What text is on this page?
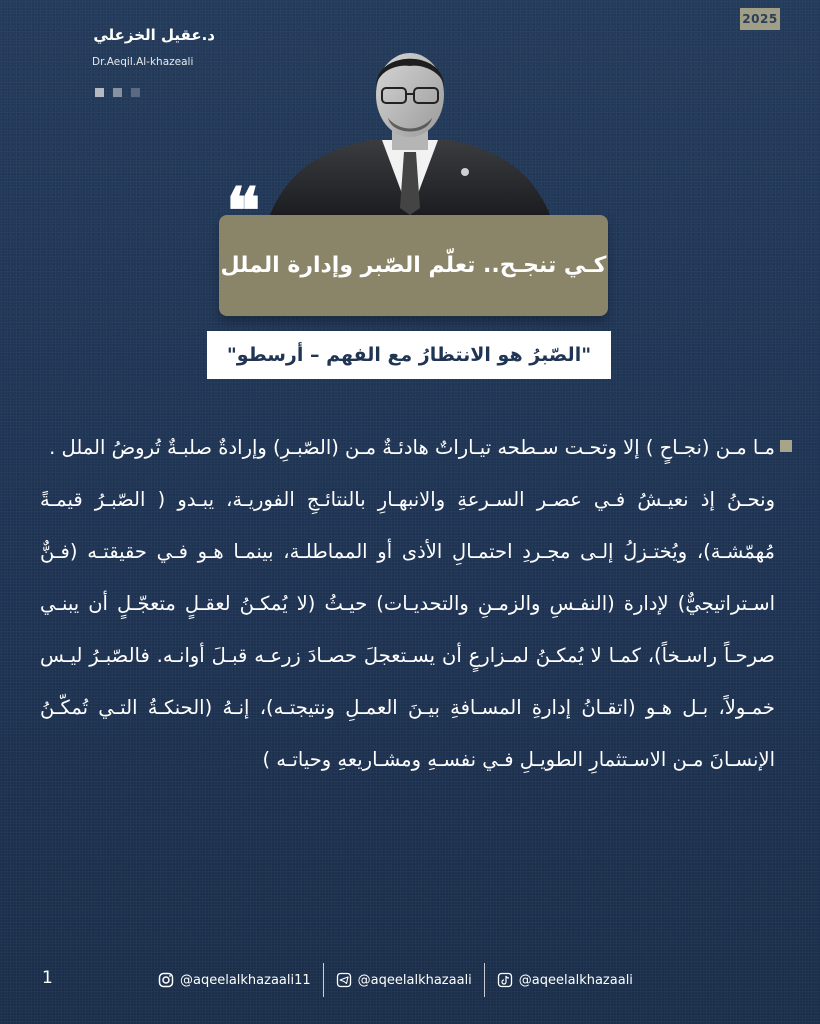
2025
د.عقيل الخزعلي
Dr.Aeqil.Al-khazeali
كـي تنجـح.. تعلّم الصّبر وإدارة الملل
❝
"الصّبرُ هو الانتظارُ مع الفهم – أرسطو"

مـا مـن (نجـاحٍ ) إلا وتحـت سـطحه تيـاراتٌ هادئـةٌ مـن (الصّبـرِ) وإرادةٌ صلبـةٌ تُروضُ الملل .

ونحـنُ إذ نعيـشُ فـي عصـر السـرعةِ والانبهـارِ بالنتائـجِ الفوريـة، يبـدو ( الصّبـرُ قيمـةً مُهمّشـة)، ويُختـزلُ إلـى مجـردِ احتمـالِ الأذى أو المماطلـة، بينمـا هـو فـي حقيقتـه (فـنٌّ اسـتراتيجيٌّ) لإدارة (النفـسِ والزمـنِ والتحديـات) حيـثُ (لا يُمكـنُ لعقـلٍ متعجّـلٍ أن يبنـي صرحـاً راسـخاً)، كمـا لا يُمكـنُ لمـزارعٍ أن يسـتعجلَ حصـادَ زرعـه قبـلَ أوانـه. فالصّبـرُ ليـس خمـولاً، بـل هـو (اتقـانُ إدارةِ المسـافةِ بيـنَ العمـلِ ونتيجتـه)، إنـهُ (الحنكـةُ التـي تُمكّـنُ الإنسـانَ مـن الاسـتثمارِ الطويـلِ فـي نفسـهِ ومشـاريعهِ وحياتـه )

1	@aqeelalkhazaali11	@aqeelalkhazaali	@aqeelalkhazaali
